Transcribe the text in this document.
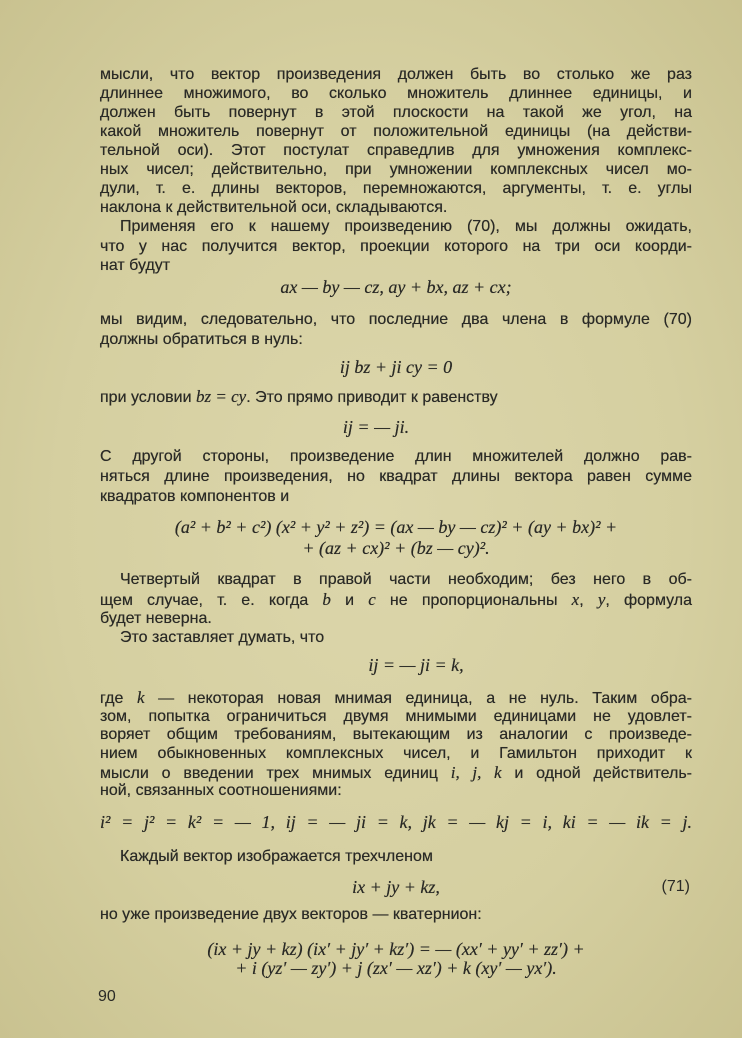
мысли, что вектор произведения должен быть во столько же раз
длиннее множимого, во сколько множитель длиннее единицы, и
должен быть повернут в этой плоскости на такой же угол, на
какой множитель повернут от положительной единицы (на действи-
тельной оси). Этот постулат справедлив для умножения комплекс-
ных чисел; действительно, при умножении комплексных чисел мо-
дули, т. е. длины векторов, перемножаются, аргументы, т. е. углы
наклона к действительной оси, складываются.
Применяя его к нашему произведению (70), мы должны ожидать,
что у нас получится вектор, проекции которого на три оси коорди-
нат будут
ax — by — cz, ay + bx, az + cx;
мы видим, следовательно, что последние два члена в формуле (70)
должны обратиться в нуль:
ij bz + ji cy = 0
при условии bz = cy. Это прямо приводит к равенству
ij = — ji.
С другой стороны, произведение длин множителей должно рав-
няться длине произведения, но квадрат длины вектора равен сумме
квадратов компонентов и
(a² + b² + c²) (x² + y² + z²) = (ax — by — cz)² + (ay + bx)² +
+ (az + cx)² + (bz — cy)².
Четвертый квадрат в правой части необходим; без него в об-
щем случае, т. е. когда b и c не пропорциональны x, y, формула
будет неверна.
Это заставляет думать, что
ij = — ji = k,
где k — некоторая новая мнимая единица, а не нуль. Таким обра-
зом, попытка ограничиться двумя мнимыми единицами не удовлет-
воряет общим требованиям, вытекающим из аналогии с произведе-
нием обыкновенных комплексных чисел, и Гамильтон приходит к
мысли о введении трех мнимых единиц i, j, k и одной действитель-
ной, связанных соотношениями:
i² = j² = k² = — 1, ij = — ji = k, jk = — kj = i, ki = — ik = j.
Каждый вектор изображается трехчленом
ix + jy + kz,	(71)
но уже произведение двух векторов — кватернион:
(ix + jy + kz) (ix′ + jy′ + kz′) = — (xx′ + yy′ + zz′) +
+ i (yz′ — zy′) + j (zx′ — xz′) + k (xy′ — yx′).
90
